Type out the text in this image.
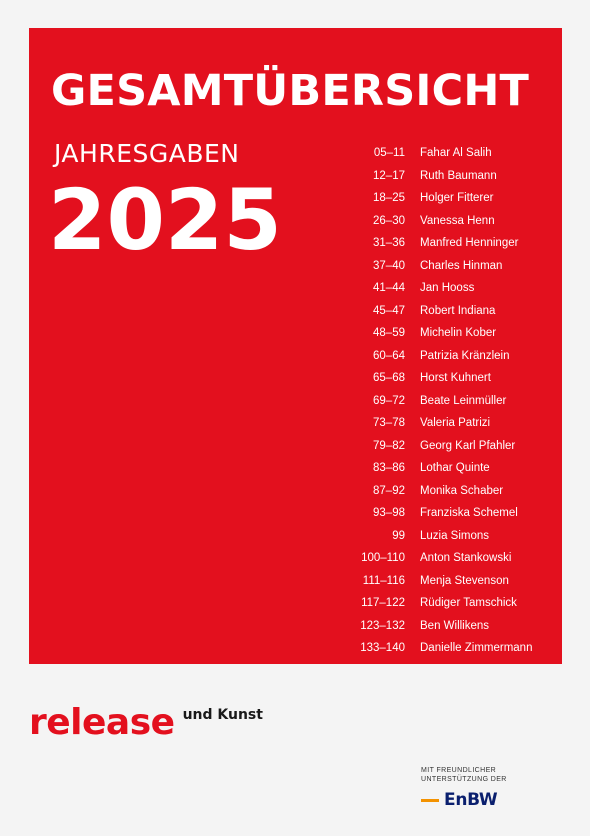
GESAMTÜBERSICHT
JAHRESGABEN
2025
05–11 Fahar Al Salih
12–17 Ruth Baumann
18–25 Holger Fitterer
26–30 Vanessa Henn
31–36 Manfred Henninger
37–40 Charles Hinman
41–44 Jan Hooss
45–47 Robert Indiana
48–59 Michelin Kober
60–64 Patrizia Kränzlein
65–68 Horst Kuhnert
69–72 Beate Leinmüller
73–78 Valeria Patrizi
79–82 Georg Karl Pfahler
83–86 Lothar Quinte
87–92 Monika Schaber
93–98 Franziska Schemel
99 Luzia Simons
100–110 Anton Stankowski
111–116 Menja Stevenson
117–122 Rüdiger Tamschick
123–132 Ben Willikens
133–140 Danielle Zimmermann
release und Kunst
MIT FREUNDLICHER
UNTERSTÜTZUNG DER
EnBW
